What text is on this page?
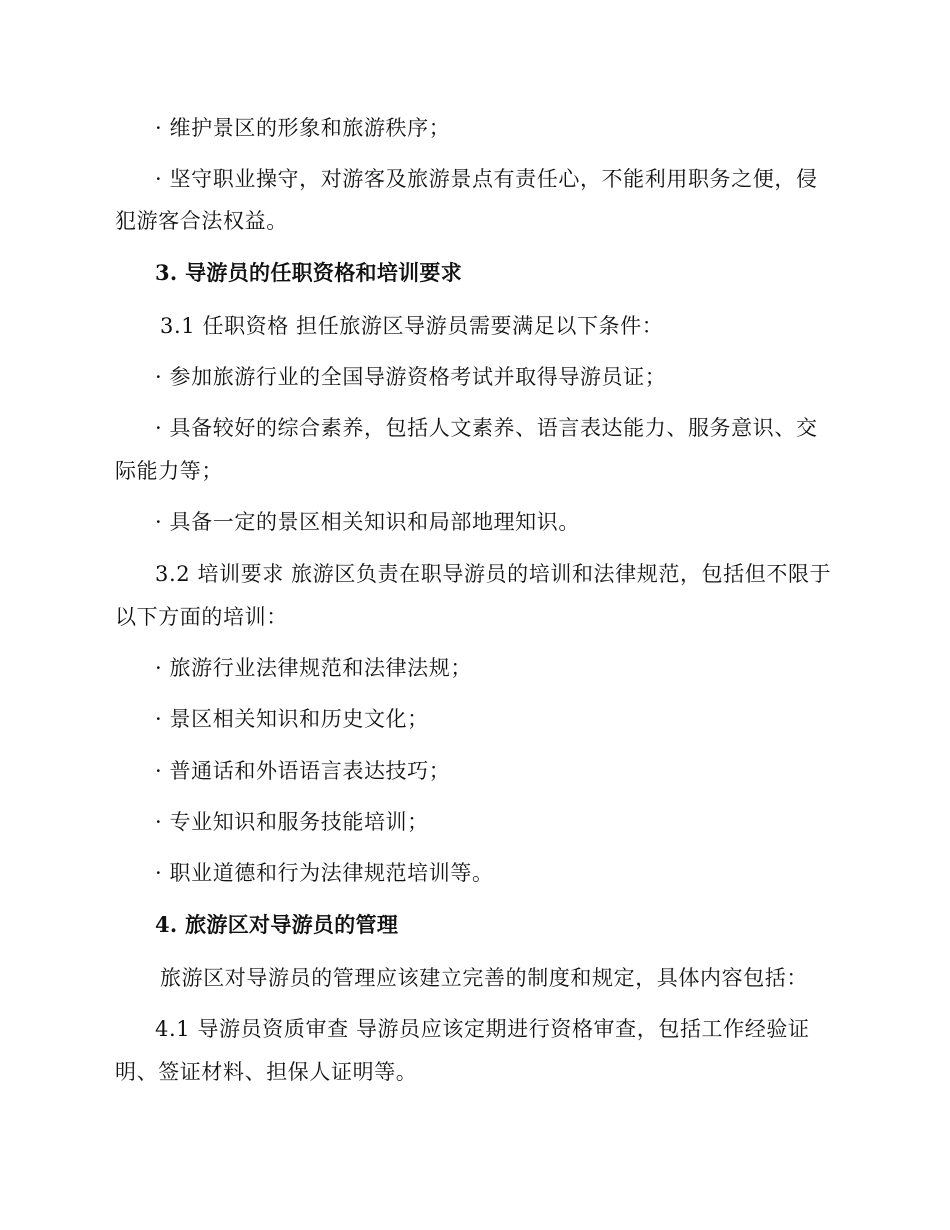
· 维护景区的形象和旅游秩序；
· 坚守职业操守，对游客及旅游景点有责任心，不能利用职务之便，侵
犯游客合法权益。
3. 导游员的任职资格和培训要求
3.1 任职资格 担任旅游区导游员需要满足以下条件：
· 参加旅游行业的全国导游资格考试并取得导游员证；
· 具备较好的综合素养，包括人文素养、语言表达能力、服务意识、交
际能力等；
· 具备一定的景区相关知识和局部地理知识。
3.2 培训要求 旅游区负责在职导游员的培训和法律规范，包括但不限于
以下方面的培训：
· 旅游行业法律规范和法律法规；
· 景区相关知识和历史文化；
· 普通话和外语语言表达技巧；
· 专业知识和服务技能培训；
· 职业道德和行为法律规范培训等。
4. 旅游区对导游员的管理
旅游区对导游员的管理应该建立完善的制度和规定，具体内容包括：
4.1 导游员资质审查 导游员应该定期进行资格审查，包括工作经验证
明、签证材料、担保人证明等。
